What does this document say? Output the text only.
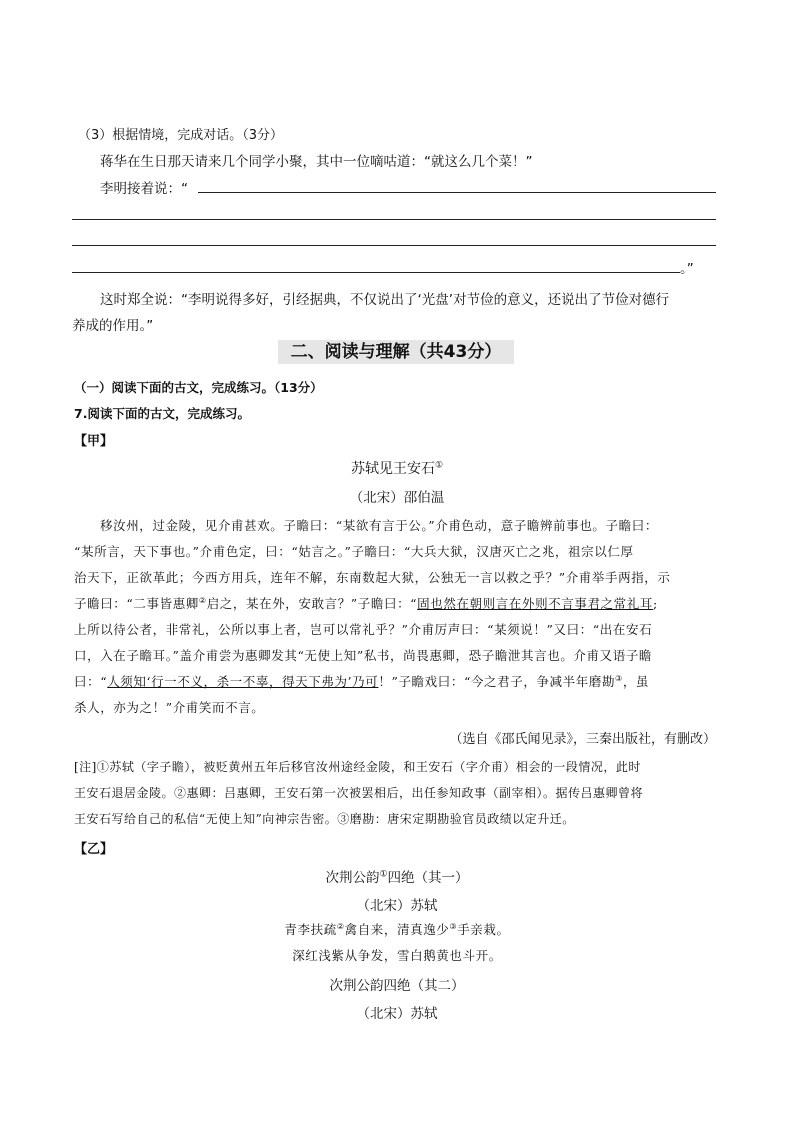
（3）根据情境，完成对话。（3分）
蒋华在生日那天请来几个同学小聚，其中一位嘀咕道：“就这么几个菜！”
李明接着说：“
。”
这时郑全说：“李明说得多好，引经据典，不仅说出了‘光盘’对节俭的意义，还说出了节俭对德行
养成的作用。”
二、阅读与理解（共43分）
（一）阅读下面的古文，完成练习。（13分）
7.阅读下面的古文，完成练习。
【甲】
苏轼见王安石①
（北宋）邵伯温
移汝州，过金陵，见介甫甚欢。子瞻曰：“某欲有言于公。”介甫色动，意子瞻辨前事也。子瞻曰：
“某所言，天下事也。”介甫色定，曰：“姑言之。”子瞻曰：“大兵大狱，汉唐灭亡之兆，祖宗以仁厚
治天下，正欲革此；今西方用兵，连年不解，东南数起大狱，公独无一言以救之乎？”介甫举手两指，示
子瞻曰：“二事皆惠卿②启之，某在外，安敢言？”子瞻曰：“固也然在朝则言在外则不言事君之常礼耳;
上所以待公者，非常礼，公所以事上者，岂可以常礼乎？”介甫厉声曰：“某须说！”又曰：“出在安石
口，入在子瞻耳。”盖介甫尝为惠卿发其“无使上知”私书，尚畏惠卿，恐子瞻泄其言也。介甫又语子瞻
曰：“人须知‘行一不义，杀一不辜，得天下弗为’乃可！”子瞻戏曰：“今之君子，争减半年磨勘③，虽
杀人，亦为之！”介甫笑而不言。
（选自《邵氏闻见录》，三秦出版社，有删改）
[注]①苏轼（字子瞻），被贬黄州五年后移官汝州途经金陵，和王安石（字介甫）相会的一段情况，此时
王安石退居金陵。②惠卿：吕惠卿，王安石第一次被罢相后，出任参知政事（副宰相）。据传吕惠卿曾将
王安石写给自己的私信“无使上知”向神宗告密。③磨勘：唐宋定期勘验官员政绩以定升迁。
【乙】
次荆公韵①四绝（其一）
（北宋）苏轼
青李扶疏②禽自来，清真逸少③手亲栽。
深红浅紫从争发，雪白鹅黄也斗开。
次荆公韵四绝（其二）
（北宋）苏轼
